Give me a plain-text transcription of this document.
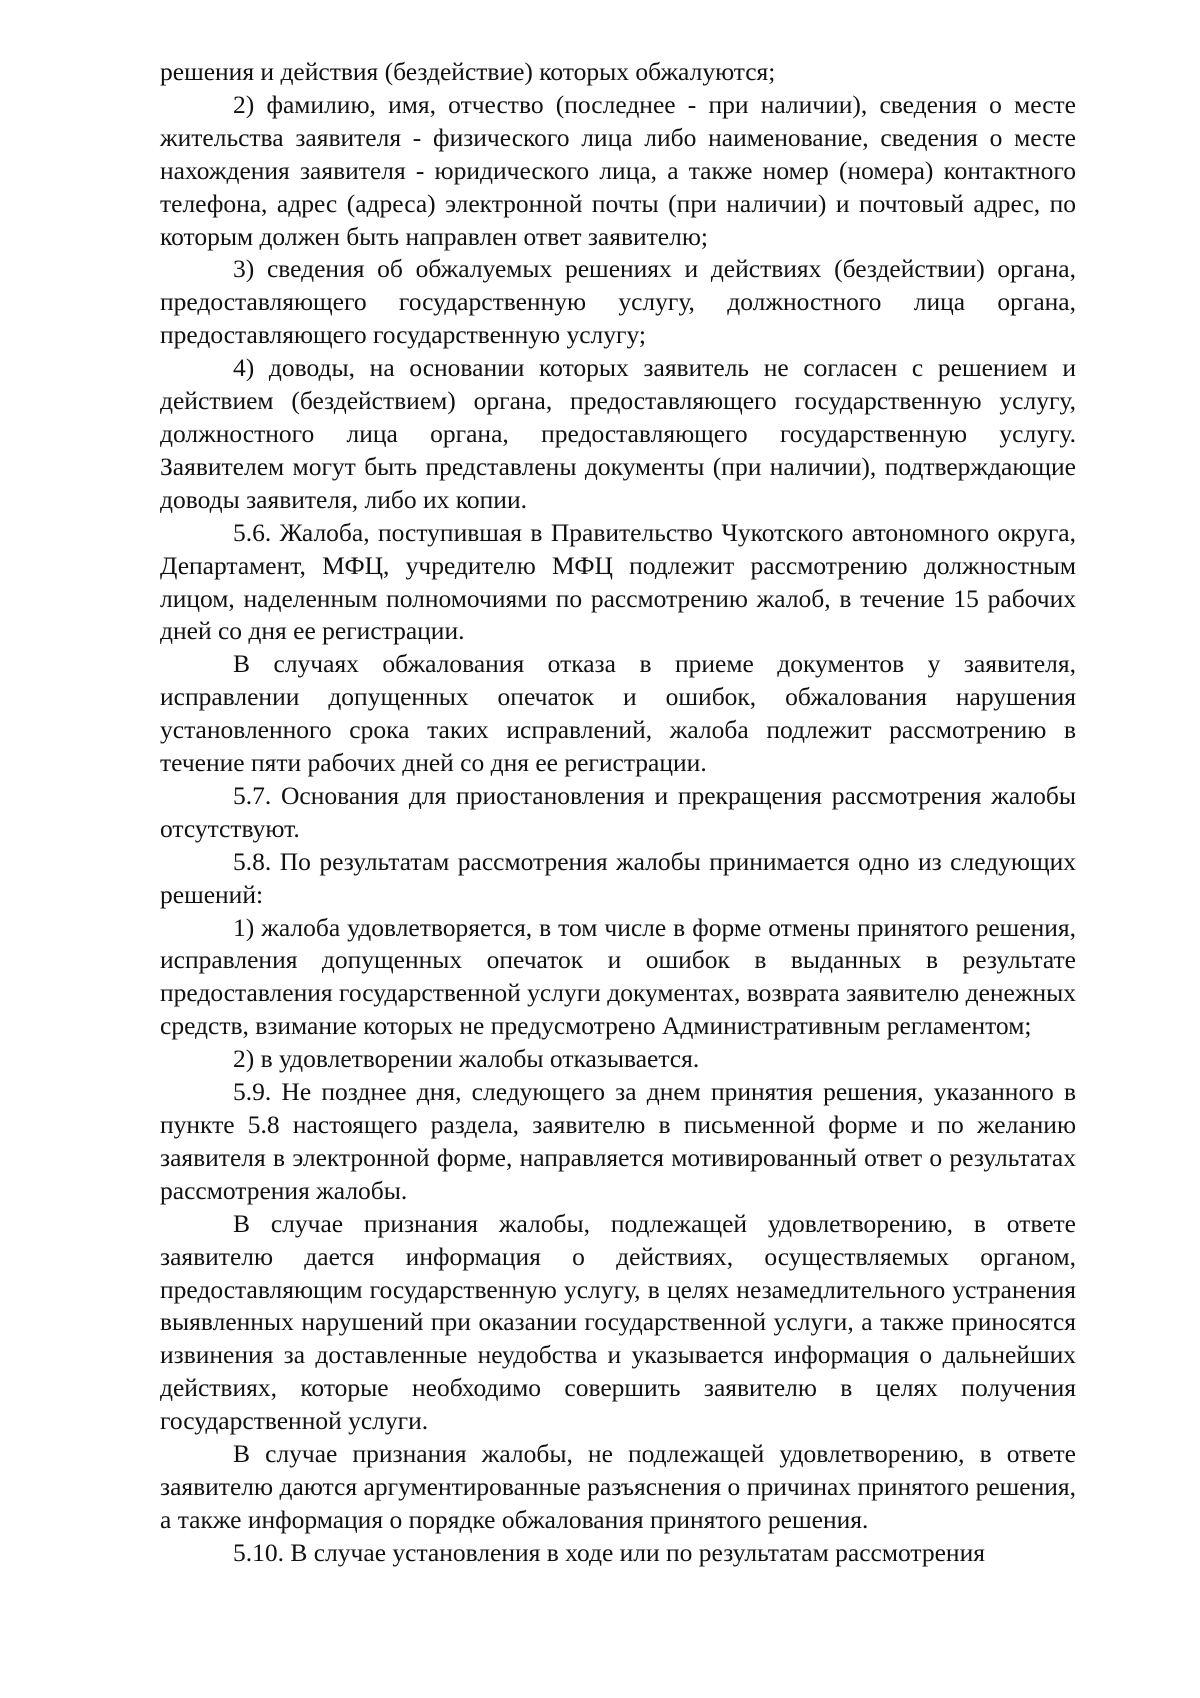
решения и действия (бездействие) которых обжалуются;

2) фамилию, имя, отчество (последнее - при наличии), сведения о месте жительства заявителя - физического лица либо наименование, сведения о месте нахождения заявителя - юридического лица, а также номер (номера) контактного телефона, адрес (адреса) электронной почты (при наличии) и почтовый адрес, по которым должен быть направлен ответ заявителю;

3) сведения об обжалуемых решениях и действиях (бездействии) органа, предоставляющего государственную услугу, должностного лица органа, предоставляющего государственную услугу;

4) доводы, на основании которых заявитель не согласен с решением и действием (бездействием) органа, предоставляющего государственную услугу, должностного лица органа, предоставляющего государственную услугу. Заявителем могут быть представлены документы (при наличии), подтверждающие доводы заявителя, либо их копии.

5.6. Жалоба, поступившая в Правительство Чукотского автономного округа, Департамент, МФЦ, учредителю МФЦ подлежит рассмотрению должностным лицом, наделенным полномочиями по рассмотрению жалоб, в течение 15 рабочих дней со дня ее регистрации.

В случаях обжалования отказа в приеме документов у заявителя, исправлении допущенных опечаток и ошибок, обжалования нарушения установленного срока таких исправлений, жалоба подлежит рассмотрению в течение пяти рабочих дней со дня ее регистрации.

5.7. Основания для приостановления и прекращения рассмотрения жалобы отсутствуют.

5.8. По результатам рассмотрения жалобы принимается одно из следующих решений:

1) жалоба удовлетворяется, в том числе в форме отмены принятого решения, исправления допущенных опечаток и ошибок в выданных в результате предоставления государственной услуги документах, возврата заявителю денежных средств, взимание которых не предусмотрено Административным регламентом;

2) в удовлетворении жалобы отказывается.

5.9. Не позднее дня, следующего за днем принятия решения, указанного в пункте 5.8 настоящего раздела, заявителю в письменной форме и по желанию заявителя в электронной форме, направляется мотивированный ответ о результатах рассмотрения жалобы.

В случае признания жалобы, подлежащей удовлетворению, в ответе заявителю дается информация о действиях, осуществляемых органом, предоставляющим государственную услугу, в целях незамедлительного устранения выявленных нарушений при оказании государственной услуги, а также приносятся извинения за доставленные неудобства и указывается информация о дальнейших действиях, которые необходимо совершить заявителю в целях получения государственной услуги.

В случае признания жалобы, не подлежащей удовлетворению, в ответе заявителю даются аргументированные разъяснения о причинах принятого решения, а также информация о порядке обжалования принятого решения.

5.10. В случае установления в ходе или по результатам рассмотрения
